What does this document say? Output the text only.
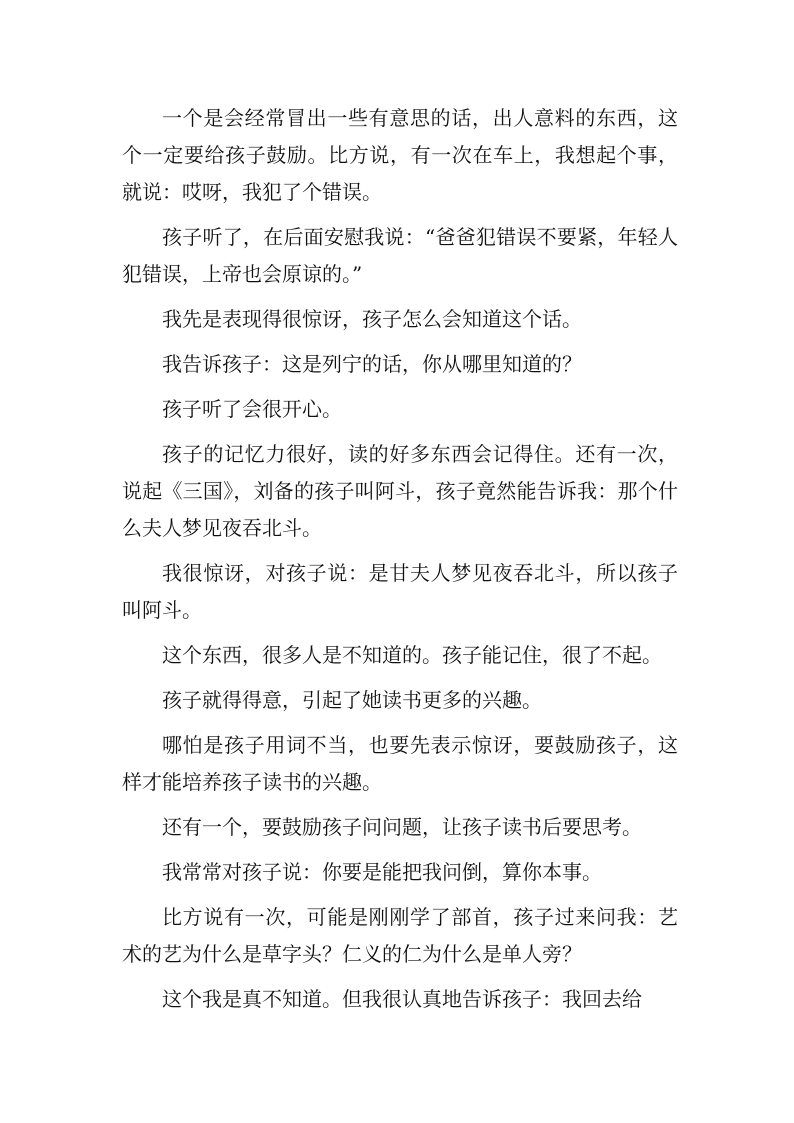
一个是会经常冒出一些有意思的话，出人意料的东西，这个一定要给孩子鼓励。比方说，有一次在车上，我想起个事，就说：哎呀，我犯了个错误。

孩子听了，在后面安慰我说：“爸爸犯错误不要紧，年轻人犯错误，上帝也会原谅的。”

我先是表现得很惊讶，孩子怎么会知道这个话。

我告诉孩子：这是列宁的话，你从哪里知道的？

孩子听了会很开心。

孩子的记忆力很好，读的好多东西会记得住。还有一次，说起《三国》，刘备的孩子叫阿斗，孩子竟然能告诉我：那个什么夫人梦见夜吞北斗。

我很惊讶，对孩子说：是甘夫人梦见夜吞北斗，所以孩子叫阿斗。

这个东西，很多人是不知道的。孩子能记住，很了不起。

孩子就得得意，引起了她读书更多的兴趣。

哪怕是孩子用词不当，也要先表示惊讶，要鼓励孩子，这样才能培养孩子读书的兴趣。

还有一个，要鼓励孩子问问题，让孩子读书后要思考。

我常常对孩子说：你要是能把我问倒，算你本事。

比方说有一次，可能是刚刚学了部首，孩子过来问我：艺术的艺为什么是草字头？仁义的仁为什么是单人旁？

这个我是真不知道。但我很认真地告诉孩子：我回去给
